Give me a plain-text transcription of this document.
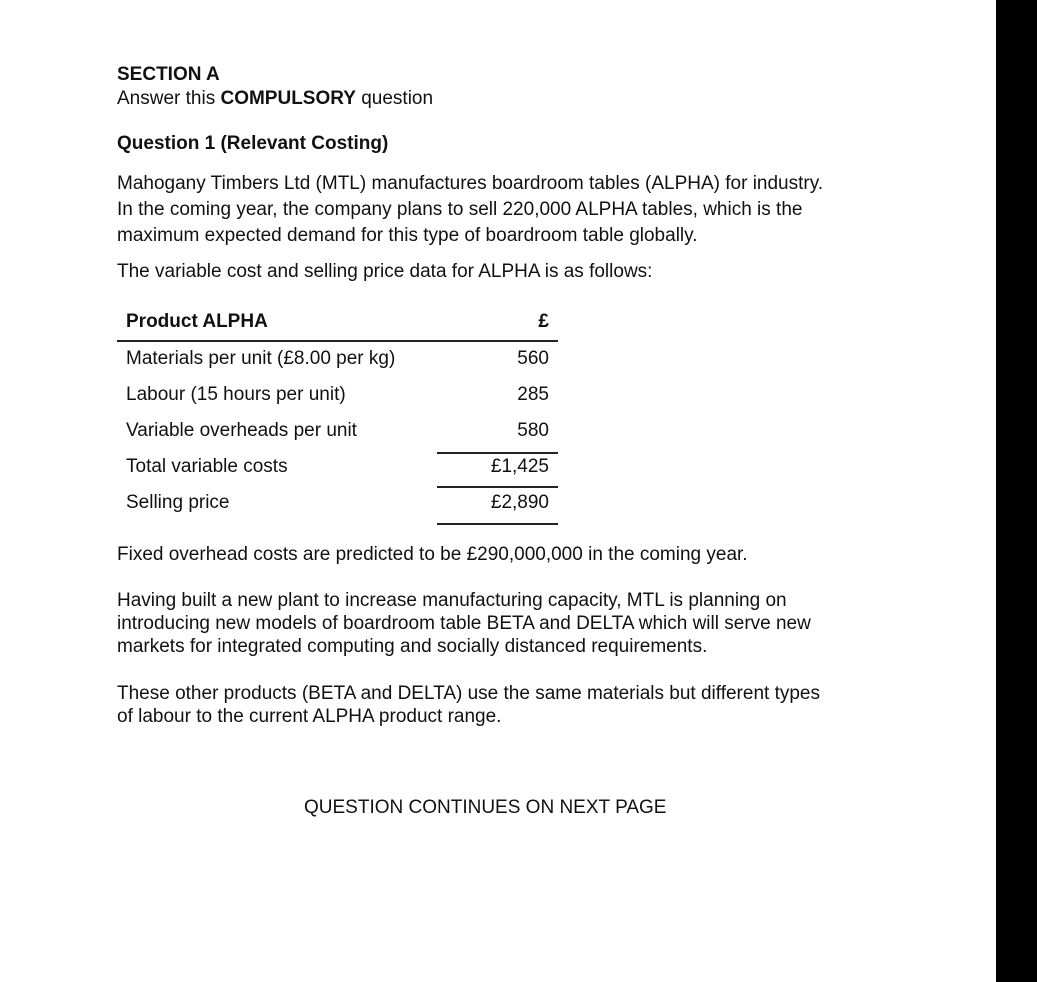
SECTION A
Answer this COMPULSORY question
Question 1 (Relevant Costing)
Mahogany Timbers Ltd (MTL) manufactures boardroom tables (ALPHA) for industry.
In the coming year, the company plans to sell 220,000 ALPHA tables, which is the
maximum expected demand for this type of boardroom table globally.
The variable cost and selling price data for ALPHA is as follows:
Product ALPHA	£
Materials per unit (£8.00 per kg)	560
Labour (15 hours per unit)	285
Variable overheads per unit	580
Total variable costs	£1,425
Selling price	£2,890
Fixed overhead costs are predicted to be £290,000,000 in the coming year.
Having built a new plant to increase manufacturing capacity, MTL is planning on
introducing new models of boardroom table BETA and DELTA which will serve new
markets for integrated computing and socially distanced requirements.
These other products (BETA and DELTA) use the same materials but different types
of labour to the current ALPHA product range.
QUESTION CONTINUES ON NEXT PAGE
